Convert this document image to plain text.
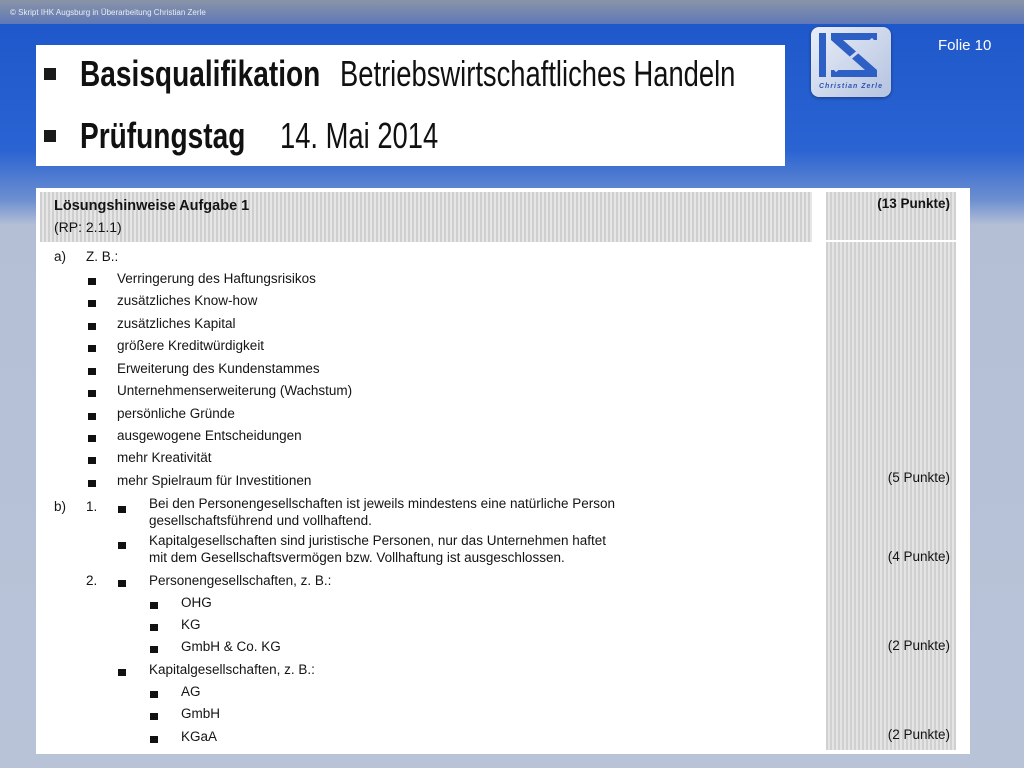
© Skript IHK Augsburg in Überarbeitung Christian Zerle
Folie 10
Christian Zerle
Basisqualifikation Betriebswirtschaftliches Handeln
Prüfungstag 14. Mai 2014
Lösungshinweise Aufgabe 1
(RP: 2.1.1)
(13 Punkte)
a) Z. B.:
Verringerung des Haftungsrisikos
zusätzliches Know-how
zusätzliches Kapital
größere Kreditwürdigkeit
Erweiterung des Kundenstammes
Unternehmenserweiterung (Wachstum)
persönliche Gründe
ausgewogene Entscheidungen
mehr Kreativität
mehr Spielraum für Investitionen	(5 Punkte)
b) 1.	Bei den Personengesellschaften ist jeweils mindestens eine natürliche Person
gesellschaftsführend und vollhaftend.
Kapitalgesellschaften sind juristische Personen, nur das Unternehmen haftet
mit dem Gesellschaftsvermögen bzw. Vollhaftung ist ausgeschlossen.	(4 Punkte)
2.	Personengesellschaften, z. B.:
OHG
KG
GmbH & Co. KG	(2 Punkte)
Kapitalgesellschaften, z. B.:
AG
GmbH
KGaA	(2 Punkte)
